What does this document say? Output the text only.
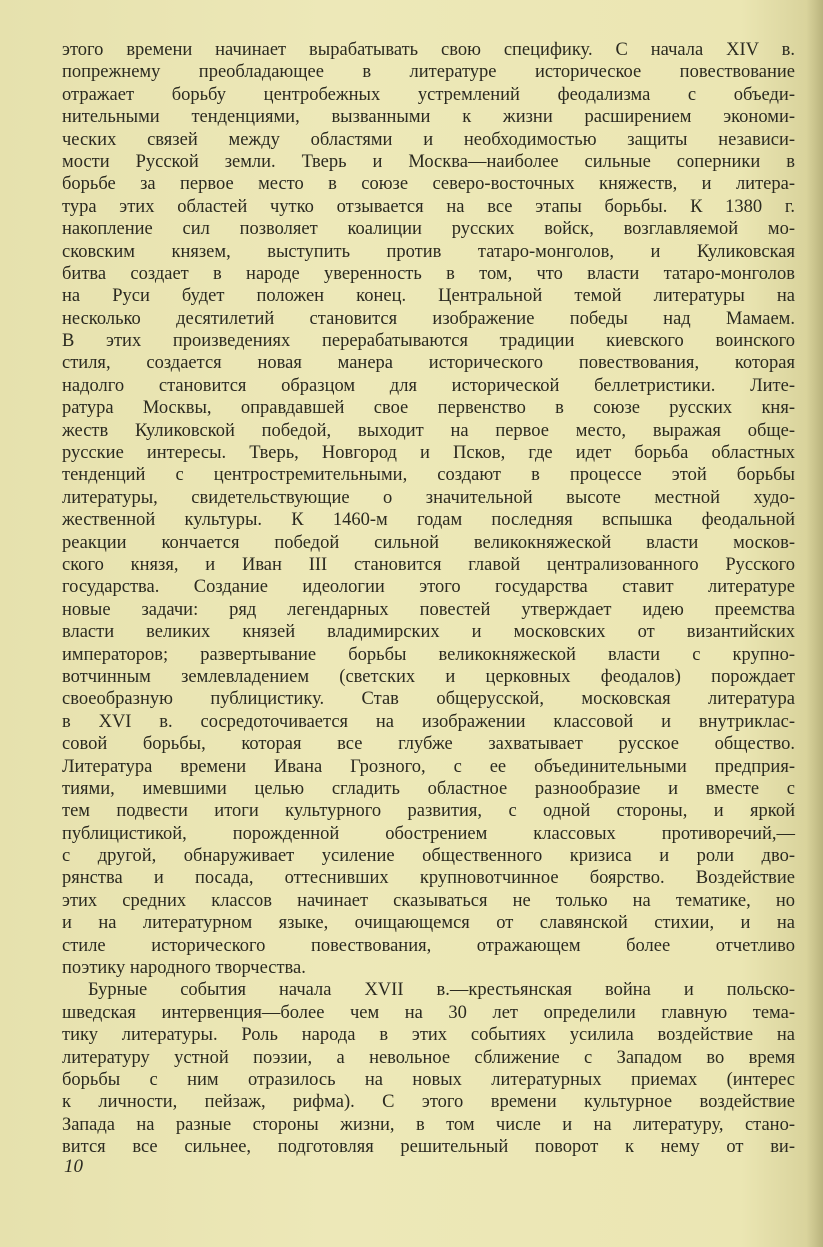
этого времени начинает вырабатывать свою специфику. С начала XIV в.
попрежнему преобладающее в литературе историческое повествование
отражает борьбу центробежных устремлений феодализма с объеди-
нительными тенденциями, вызванными к жизни расширением экономи-
ческих связей между областями и необходимостью защиты независи-
мости Русской земли. Тверь и Москва—наиболее сильные соперники в
борьбе за первое место в союзе северо-восточных княжеств, и литера-
тура этих областей чутко отзывается на все этапы борьбы. К 1380 г.
накопление сил позволяет коалиции русских войск, возглавляемой мо-
сковским князем, выступить против татаро-монголов, и Куликовская
битва создает в народе уверенность в том, что власти татаро-монголов
на Руси будет положен конец. Центральной темой литературы на
несколько десятилетий становится изображение победы над Мамаем.
В этих произведениях перерабатываются традиции киевского воинского
стиля, создается новая манера исторического повествования, которая
надолго становится образцом для исторической беллетристики. Лите-
ратура Москвы, оправдавшей свое первенство в союзе русских кня-
жеств Куликовской победой, выходит на первое место, выражая обще-
русские интересы. Тверь, Новгород и Псков, где идет борьба областных
тенденций с центростремительными, создают в процессе этой борьбы
литературы, свидетельствующие о значительной высоте местной худо-
жественной культуры. К 1460-м годам последняя вспышка феодальной
реакции кончается победой сильной великокняжеской власти москов-
ского князя, и Иван III становится главой централизованного Русского
государства. Создание идеологии этого государства ставит литературе
новые задачи: ряд легендарных повестей утверждает идею преемства
власти великих князей владимирских и московских от византийских
императоров; развертывание борьбы великокняжеской власти с крупно-
вотчинным землевладением (светских и церковных феодалов) порождает
своеобразную публицистику. Став общерусской, московская литература
в XVI в. сосредоточивается на изображении классовой и внутриклас-
совой борьбы, которая все глубже захватывает русское общество.
Литература времени Ивана Грозного, с ее объединительными предприя-
тиями, имевшими целью сгладить областное разнообразие и вместе с
тем подвести итоги культурного развития, с одной стороны, и яркой
публицистикой, порожденной обострением классовых противоречий,—
с другой, обнаруживает усиление общественного кризиса и роли дво-
рянства и посада, оттеснивших крупновотчинное боярство. Воздействие
этих средних классов начинает сказываться не только на тематике, но
и на литературном языке, очищающемся от славянской стихии, и на
стиле исторического повествования, отражающем более отчетливо
поэтику народного творчества.
Бурные события начала XVII в.—крестьянская война и польско-
шведская интервенция—более чем на 30 лет определили главную тема-
тику литературы. Роль народа в этих событиях усилила воздействие на
литературу устной поэзии, а невольное сближение с Западом во время
борьбы с ним отразилось на новых литературных приемах (интерес
к личности, пейзаж, рифма). С этого времени культурное воздействие
Запада на разные стороны жизни, в том числе и на литературу, стано-
вится все сильнее, подготовляя решительный поворот к нему от ви-
10
